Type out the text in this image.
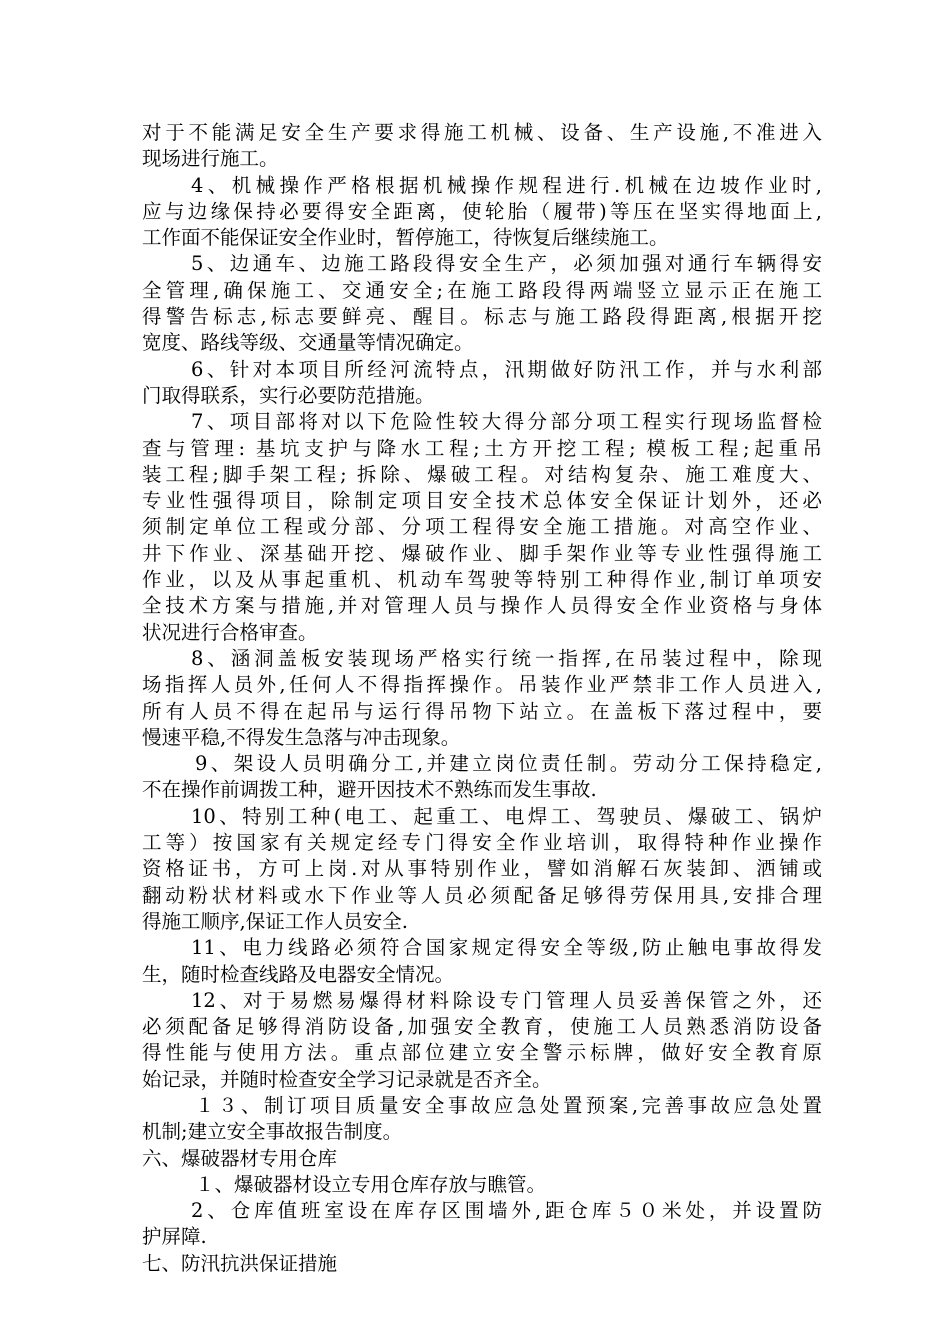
对于不能满足安全生产要求得施工机械、设备、生产设施,不准进入
现场进行施工。
4、机械操作严格根据机械操作规程进行.机械在边坡作业时,
应与边缘保持必要得安全距离，使轮胎（履带)等压在坚实得地面上,
工作面不能保证安全作业时，暂停施工，待恢复后继续施工。
5、边通车、边施工路段得安全生产，必须加强对通行车辆得安
全管理,确保施工、交通安全;在施工路段得两端竖立显示正在施工
得警告标志,标志要鲜亮、醒目。标志与施工路段得距离,根据开挖
宽度、路线等级、交通量等情况确定。
6、针对本项目所经河流特点，汛期做好防汛工作，并与水利部
门取得联系，实行必要防范措施。
7、项目部将对以下危险性较大得分部分项工程实行现场监督检
查与管理: 基坑支护与降水工程;土方开挖工程; 模板工程;起重吊
装工程;脚手架工程; 拆除、爆破工程。对结构复杂、施工难度大、
专业性强得项目，除制定项目安全技术总体安全保证计划外，还必
须制定单位工程或分部、分项工程得安全施工措施。对高空作业、
井下作业、深基础开挖、爆破作业、脚手架作业等专业性强得施工
作业，以及从事起重机、机动车驾驶等特别工种得作业,制订单项安
全技术方案与措施,并对管理人员与操作人员得安全作业资格与身体
状况进行合格审查。
8、涵洞盖板安装现场严格实行统一指挥,在吊装过程中，除现
场指挥人员外,任何人不得指挥操作。吊装作业严禁非工作人员进入,
所有人员不得在起吊与运行得吊物下站立。在盖板下落过程中，要
慢速平稳,不得发生急落与冲击现象。
9、架设人员明确分工,并建立岗位责任制。劳动分工保持稳定,
不在操作前调拨工种，避开因技术不熟练而发生事故.
10、特别工种(电工、起重工、电焊工、驾驶员、爆破工、锅炉
工等）按国家有关规定经专门得安全作业培训，取得特种作业操作
资格证书，方可上岗.对从事特别作业，譬如消解石灰装卸、洒铺或
翻动粉状材料或水下作业等人员必须配备足够得劳保用具,安排合理
得施工顺序,保证工作人员安全.
11、电力线路必须符合国家规定得安全等级,防止触电事故得发
生，随时检查线路及电器安全情况。
12、对于易燃易爆得材料除设专门管理人员妥善保管之外，还
必须配备足够得消防设备,加强安全教育，使施工人员熟悉消防设备
得性能与使用方法。重点部位建立安全警示标牌，做好安全教育原
始记录，并随时检查安全学习记录就是否齐全。
１３、制订项目质量安全事故应急处置预案,完善事故应急处置
机制;建立安全事故报告制度。
六、爆破器材专用仓库
１、爆破器材设立专用仓库存放与瞧管。
2、仓库值班室设在库存区围墙外,距仓库５０米处，并设置防
护屏障.
七、防汛抗洪保证措施
